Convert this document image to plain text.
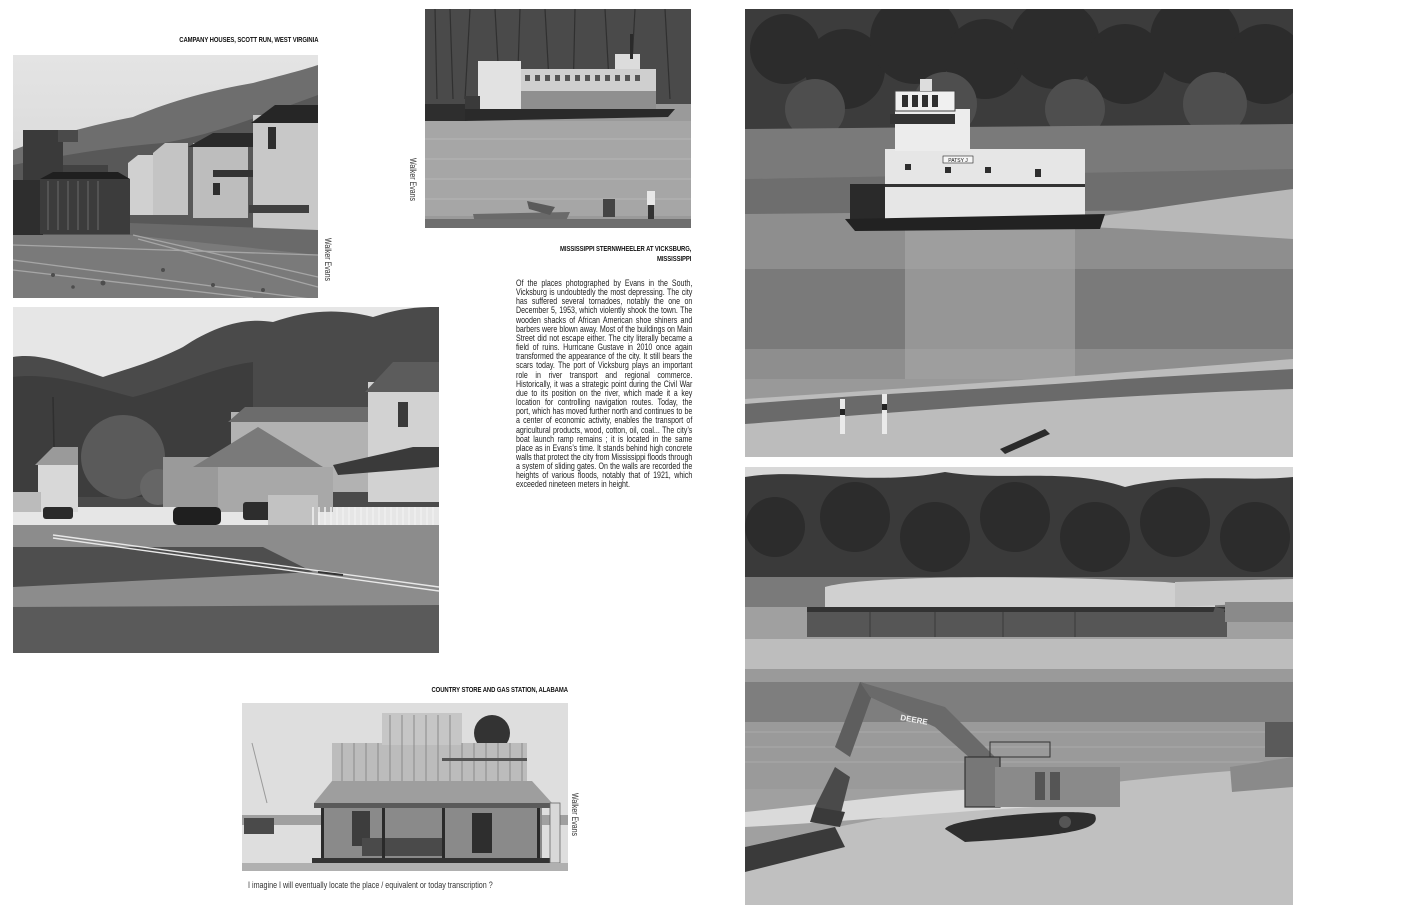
CAMPANY HOUSES, SCOTT RUN, WEST VIRGINIA
Walker Evans
Walker Evans
MISSISSIPPI STERNWHEELER AT VICKSBURG,
MISSISSIPPI
Of the places photographed by Evans in the South, Vicksburg is undoubtedly the most depressing. The city has suffered several tornadoes, notably the one on December 5, 1953, which violently shook the town. The wooden shacks of African American shoe shiners and barbers were blown away. Most of the buildings on Main Street did not escape either. The city literally became a field of ruins. Hurricane Gustave in 2010 once again transformed the appearance of the city. It still bears the scars today. The port of Vicksburg plays an important role in river transport and regional commerce. Historically, it was a strategic point during the Civil War due to its position on the river, which made it a key location for controlling navigation routes. Today, the port, which has moved further north and continues to be a center of economic activity, enables the transport of agricultural products, wood, cotton, oil, coal... The city’s boat launch ramp remains ; it is located in the same place as in Evans’s time. It stands behind high concrete walls that protect the city from Mississippi floods through a system of sliding gates. On the walls are recorded the heights of various floods, notably that of 1921, which exceeded nineteen meters in height.
COUNTRY STORE AND GAS STATION, ALABAMA
Walker Evans
I imagine I will eventually locate the place / equivalent or today transcription ?
PATSY J
DEERE
